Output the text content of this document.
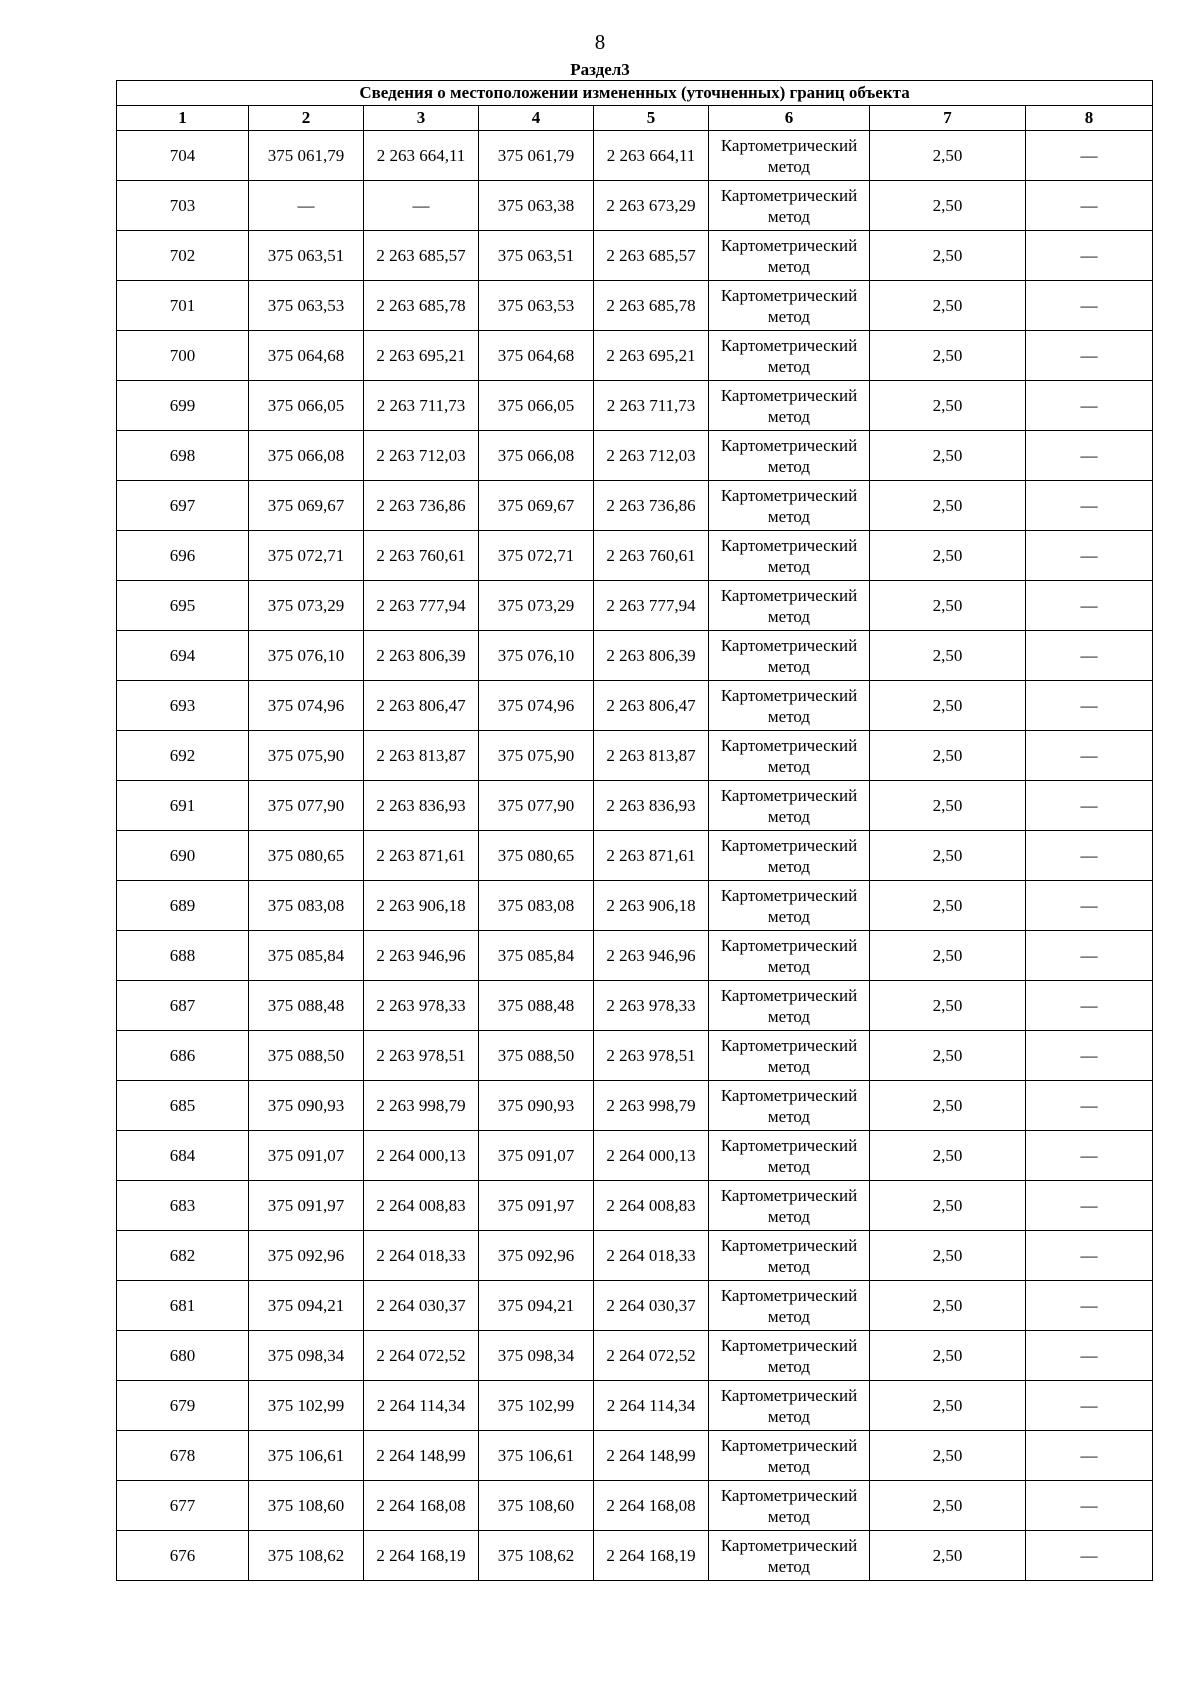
8
Раздел3
Сведения о местоположении измененных (уточненных) границ объекта							
1	2	3	4	5	6	7	8
704	375 061,79	2 263 664,11	375 061,79	2 263 664,11	Картометрический метод	2,50	—
703	—	—	375 063,38	2 263 673,29	Картометрический метод	2,50	—
702	375 063,51	2 263 685,57	375 063,51	2 263 685,57	Картометрический метод	2,50	—
701	375 063,53	2 263 685,78	375 063,53	2 263 685,78	Картометрический метод	2,50	—
700	375 064,68	2 263 695,21	375 064,68	2 263 695,21	Картометрический метод	2,50	—
699	375 066,05	2 263 711,73	375 066,05	2 263 711,73	Картометрический метод	2,50	—
698	375 066,08	2 263 712,03	375 066,08	2 263 712,03	Картометрический метод	2,50	—
697	375 069,67	2 263 736,86	375 069,67	2 263 736,86	Картометрический метод	2,50	—
696	375 072,71	2 263 760,61	375 072,71	2 263 760,61	Картометрический метод	2,50	—
695	375 073,29	2 263 777,94	375 073,29	2 263 777,94	Картометрический метод	2,50	—
694	375 076,10	2 263 806,39	375 076,10	2 263 806,39	Картометрический метод	2,50	—
693	375 074,96	2 263 806,47	375 074,96	2 263 806,47	Картометрический метод	2,50	—
692	375 075,90	2 263 813,87	375 075,90	2 263 813,87	Картометрический метод	2,50	—
691	375 077,90	2 263 836,93	375 077,90	2 263 836,93	Картометрический метод	2,50	—
690	375 080,65	2 263 871,61	375 080,65	2 263 871,61	Картометрический метод	2,50	—
689	375 083,08	2 263 906,18	375 083,08	2 263 906,18	Картометрический метод	2,50	—
688	375 085,84	2 263 946,96	375 085,84	2 263 946,96	Картометрический метод	2,50	—
687	375 088,48	2 263 978,33	375 088,48	2 263 978,33	Картометрический метод	2,50	—
686	375 088,50	2 263 978,51	375 088,50	2 263 978,51	Картометрический метод	2,50	—
685	375 090,93	2 263 998,79	375 090,93	2 263 998,79	Картометрический метод	2,50	—
684	375 091,07	2 264 000,13	375 091,07	2 264 000,13	Картометрический метод	2,50	—
683	375 091,97	2 264 008,83	375 091,97	2 264 008,83	Картометрический метод	2,50	—
682	375 092,96	2 264 018,33	375 092,96	2 264 018,33	Картометрический метод	2,50	—
681	375 094,21	2 264 030,37	375 094,21	2 264 030,37	Картометрический метод	2,50	—
680	375 098,34	2 264 072,52	375 098,34	2 264 072,52	Картометрический метод	2,50	—
679	375 102,99	2 264 114,34	375 102,99	2 264 114,34	Картометрический метод	2,50	—
678	375 106,61	2 264 148,99	375 106,61	2 264 148,99	Картометрический метод	2,50	—
677	375 108,60	2 264 168,08	375 108,60	2 264 168,08	Картометрический метод	2,50	—
676	375 108,62	2 264 168,19	375 108,62	2 264 168,19	Картометрический метод	2,50	—
